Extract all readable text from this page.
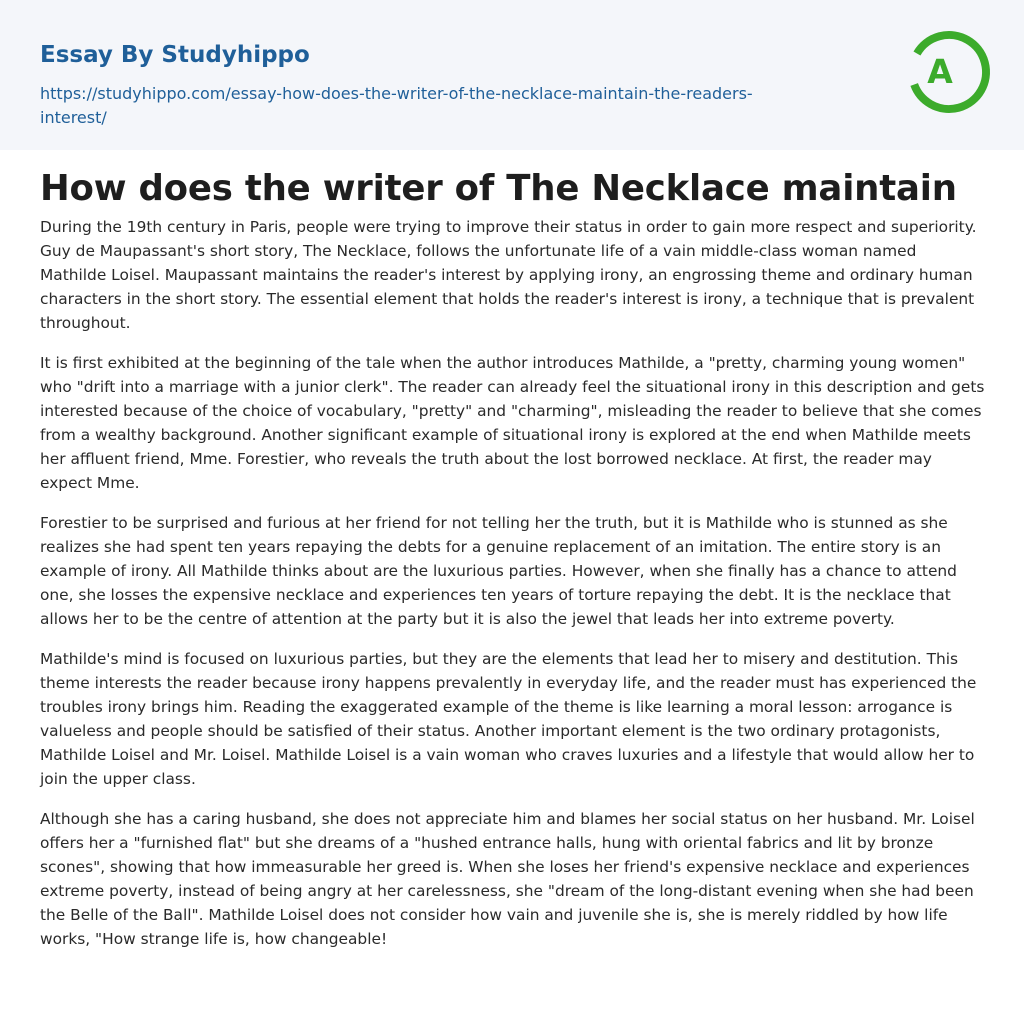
Essay By Studyhippo
https://studyhippo.com/essay-how-does-the-writer-of-the-necklace-maintain-the-readers-interest/
A
How does the writer of The Necklace maintain

During the 19th century in Paris, people were trying to improve their status in order to gain more respect and superiority. Guy de Maupassant's short story, The Necklace, follows the unfortunate life of a vain middle-class woman named Mathilde Loisel. Maupassant maintains the reader's interest by applying irony, an engrossing theme and ordinary human characters in the short story. The essential element that holds the reader's interest is irony, a technique that is prevalent throughout.

It is first exhibited at the beginning of the tale when the author introduces Mathilde, a "pretty, charming young women" who "drift into a marriage with a junior clerk". The reader can already feel the situational irony in this description and gets interested because of the choice of vocabulary, "pretty" and "charming", misleading the reader to believe that she comes from a wealthy background. Another significant example of situational irony is explored at the end when Mathilde meets her affluent friend, Mme. Forestier, who reveals the truth about the lost borrowed necklace. At first, the reader may expect Mme.

Forestier to be surprised and furious at her friend for not telling her the truth, but it is Mathilde who is stunned as she realizes she had spent ten years repaying the debts for a genuine replacement of an imitation. The entire story is an example of irony. All Mathilde thinks about are the luxurious parties. However, when she finally has a chance to attend one, she losses the expensive necklace and experiences ten years of torture repaying the debt. It is the necklace that allows her to be the centre of attention at the party but it is also the jewel that leads her into extreme poverty.

Mathilde's mind is focused on luxurious parties, but they are the elements that lead her to misery and destitution. This theme interests the reader because irony happens prevalently in everyday life, and the reader must has experienced the troubles irony brings him. Reading the exaggerated example of the theme is like learning a moral lesson: arrogance is valueless and people should be satisfied of their status. Another important element is the two ordinary protagonists, Mathilde Loisel and Mr. Loisel. Mathilde Loisel is a vain woman who craves luxuries and a lifestyle that would allow her to join the upper class.

Although she has a caring husband, she does not appreciate him and blames her social status on her husband. Mr. Loisel offers her a "furnished flat" but she dreams of a "hushed entrance halls, hung with oriental fabrics and lit by bronze scones", showing that how immeasurable her greed is. When she loses her friend's expensive necklace and experiences extreme poverty, instead of being angry at her carelessness, she "dream of the long-distant evening when she had been the Belle of the Ball". Mathilde Loisel does not consider how vain and juvenile she is, she is merely riddled by how life works, "How strange life is, how changeable!
